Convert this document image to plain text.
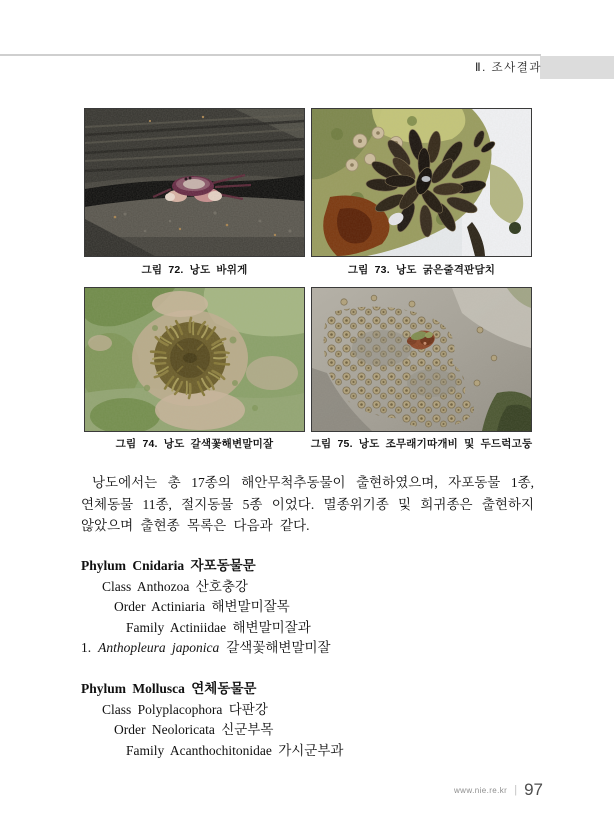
Ⅱ. 조사결과
그림 72. 낭도 바위게	그림 73. 낭도 굵은줄격판담치
그림 74. 낭도 갈색꽃해변말미잘	그림 75. 낭도 조무래기따개비 및 두드럭고둥
낭도에서는 총 17종의 해안무척추동물이 출현하였으며, 자포동물 1종, 연체동물 11종, 절지동물 5종 이었다. 멸종위기종 및 희귀종은 출현하지 않았으며 출현종 목록은 다음과 같다.
Phylum Cnidaria 자포동물문
Class Anthozoa 산호충강
Order Actiniaria 해변말미잘목
Family Actiniidae 해변말미잘과
1. Anthopleura japonica 갈색꽃해변말미잘
Phylum Mollusca 연체동물문
Class Polyplacophora 다판강
Order Neoloricata 신군부목
Family Acanthochitonidae 가시군부과
www.nie.re.kr | 97
